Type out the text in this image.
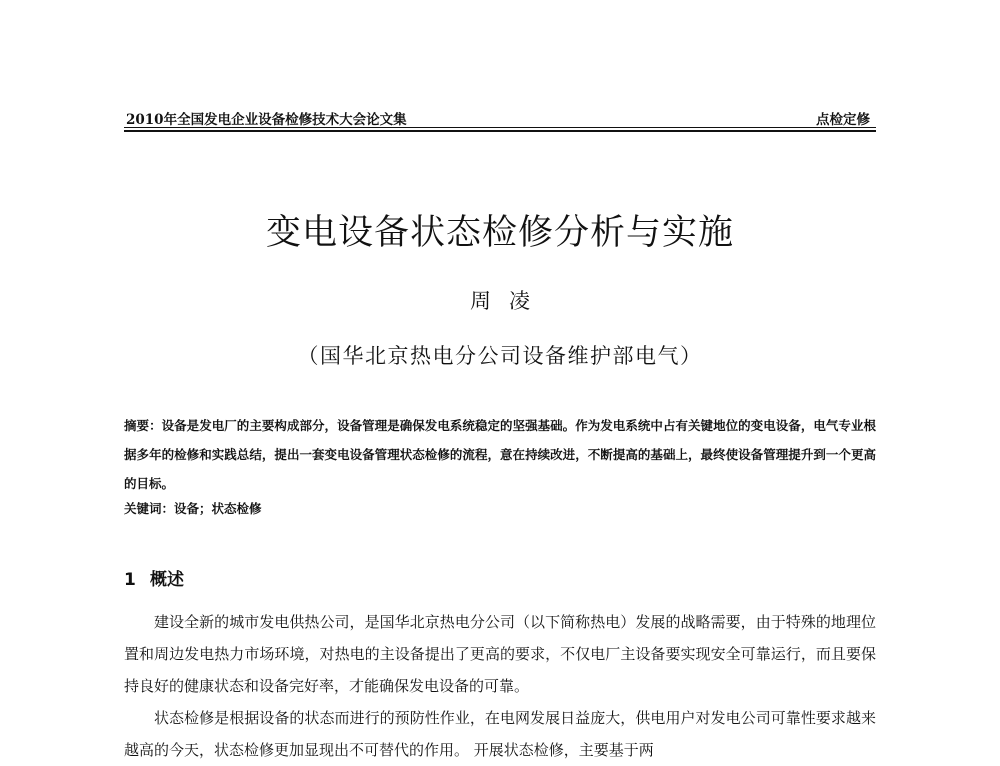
2010年全国发电企业设备检修技术大会论文集	点检定修
变电设备状态检修分析与实施
周凌
（国华北京热电分公司设备维护部电气）
摘要：设备是发电厂的主要构成部分，设备管理是确保发电系统稳定的坚强基础。作为发电系统中占有关键地位的变电设备，电气专业根据多年的检修和实践总结，提出一套变电设备管理状态检修的流程，意在持续改进，不断提高的基础上，最终使设备管理提升到一个更高的目标。
关键词：设备；状态检修
1 概述

建设全新的城市发电供热公司，是国华北京热电分公司（以下简称热电）发展的战略需要，由于特殊的地理位置和周边发电热力市场环境，对热电的主设备提出了更高的要求，不仅电厂主设备要实现安全可靠运行，而且要保持良好的健康状态和设备完好率，才能确保发电设备的可靠。

状态检修是根据设备的状态而进行的预防性作业，在电网发展日益庞大，供电用户对发电公司可靠性要求越来越高的今天，状态检修更加显现出不可替代的作用。 开展状态检修，主要基于两
